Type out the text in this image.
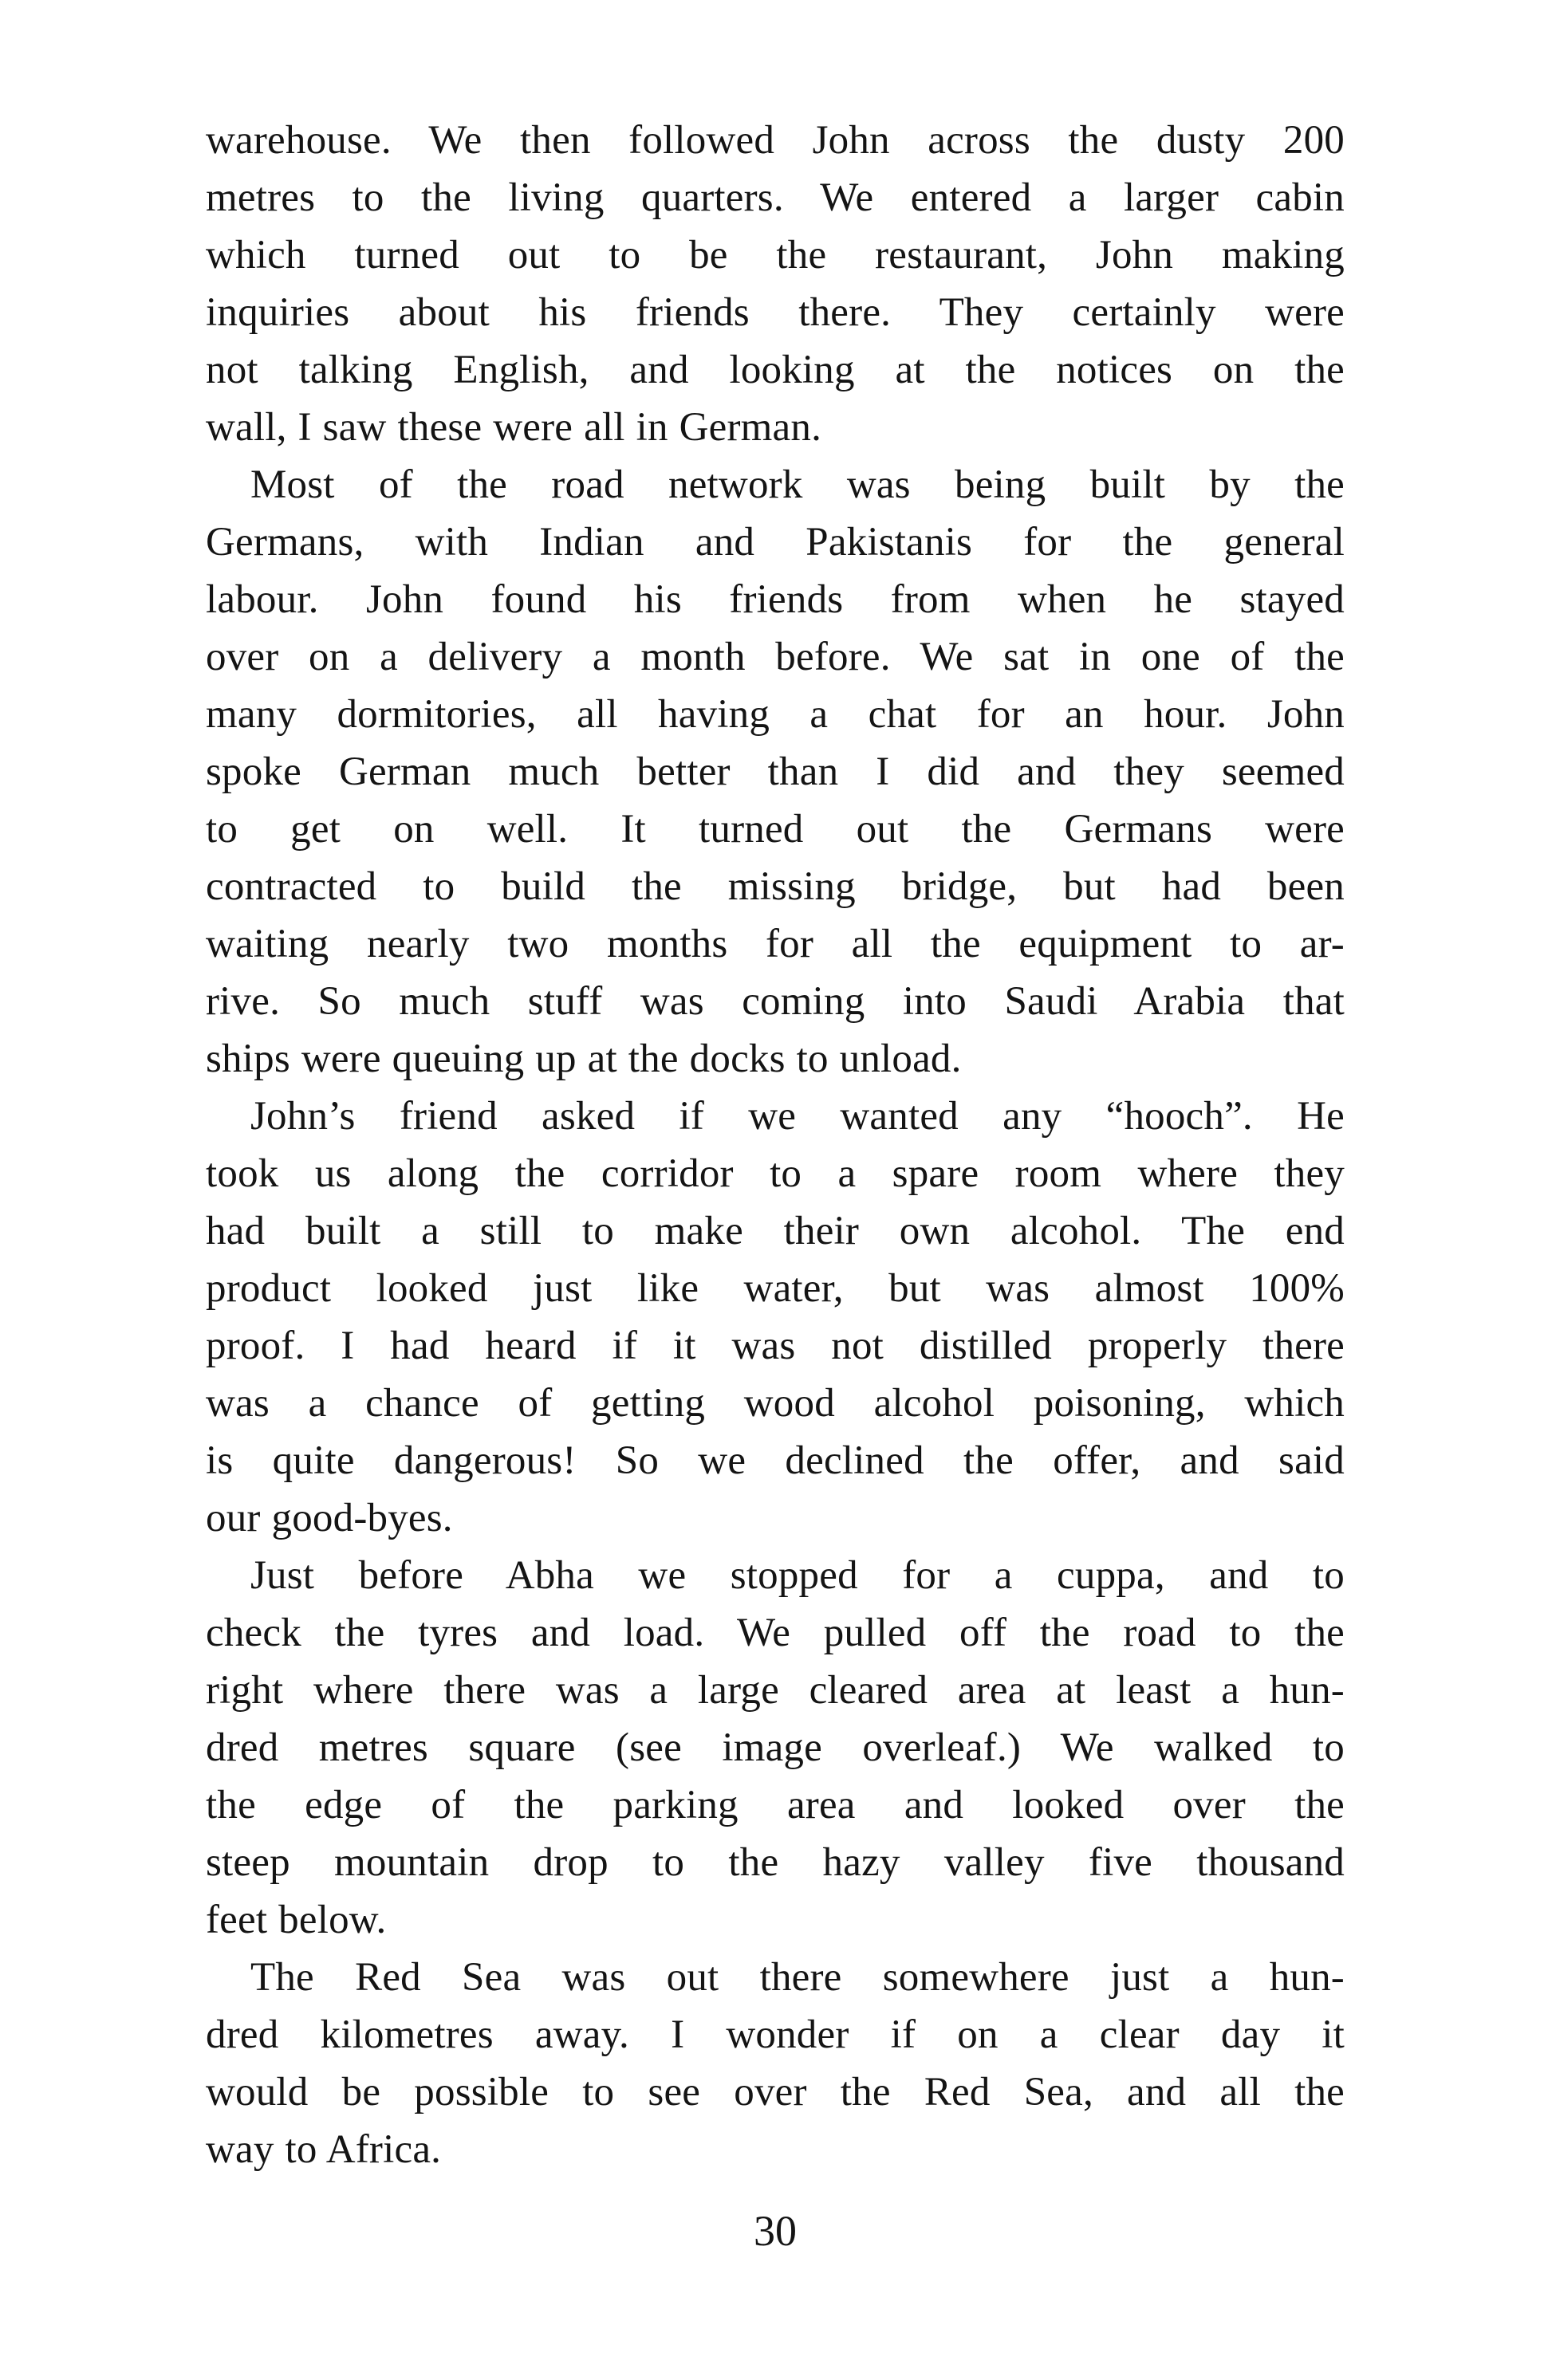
warehouse. We then followed John across the dusty 200
metres to the living quarters. We entered a larger cabin
which turned out to be the restaurant, John making
inquiries about his friends there. They certainly were
not talking English, and looking at the notices on the
wall, I saw these were all in German.
Most of the road network was being built by the
Germans, with Indian and Pakistanis for the general
labour. John found his friends from when he stayed
over on a delivery a month before. We sat in one of the
many dormitories, all having a chat for an hour. John
spoke German much better than I did and they seemed
to get on well. It turned out the Germans were
contracted to build the missing bridge, but had been
waiting nearly two months for all the equipment to ar-
rive. So much stuff was coming into Saudi Arabia that
ships were queuing up at the docks to unload.
John’s friend asked if we wanted any “hooch”. He
took us along the corridor to a spare room where they
had built a still to make their own alcohol. The end
product looked just like water, but was almost 100%
proof. I had heard if it was not distilled properly there
was a chance of getting wood alcohol poisoning, which
is quite dangerous! So we declined the offer, and said
our good-byes.
Just before Abha we stopped for a cuppa, and to
check the tyres and load. We pulled off the road to the
right where there was a large cleared area at least a hun-
dred metres square (see image overleaf.) We walked to
the edge of the parking area and looked over the
steep mountain drop to the hazy valley five thousand
feet below.
The Red Sea was out there somewhere just a hun-
dred kilometres away. I wonder if on a clear day it
would be possible to see over the Red Sea, and all the
way to Africa.
30
